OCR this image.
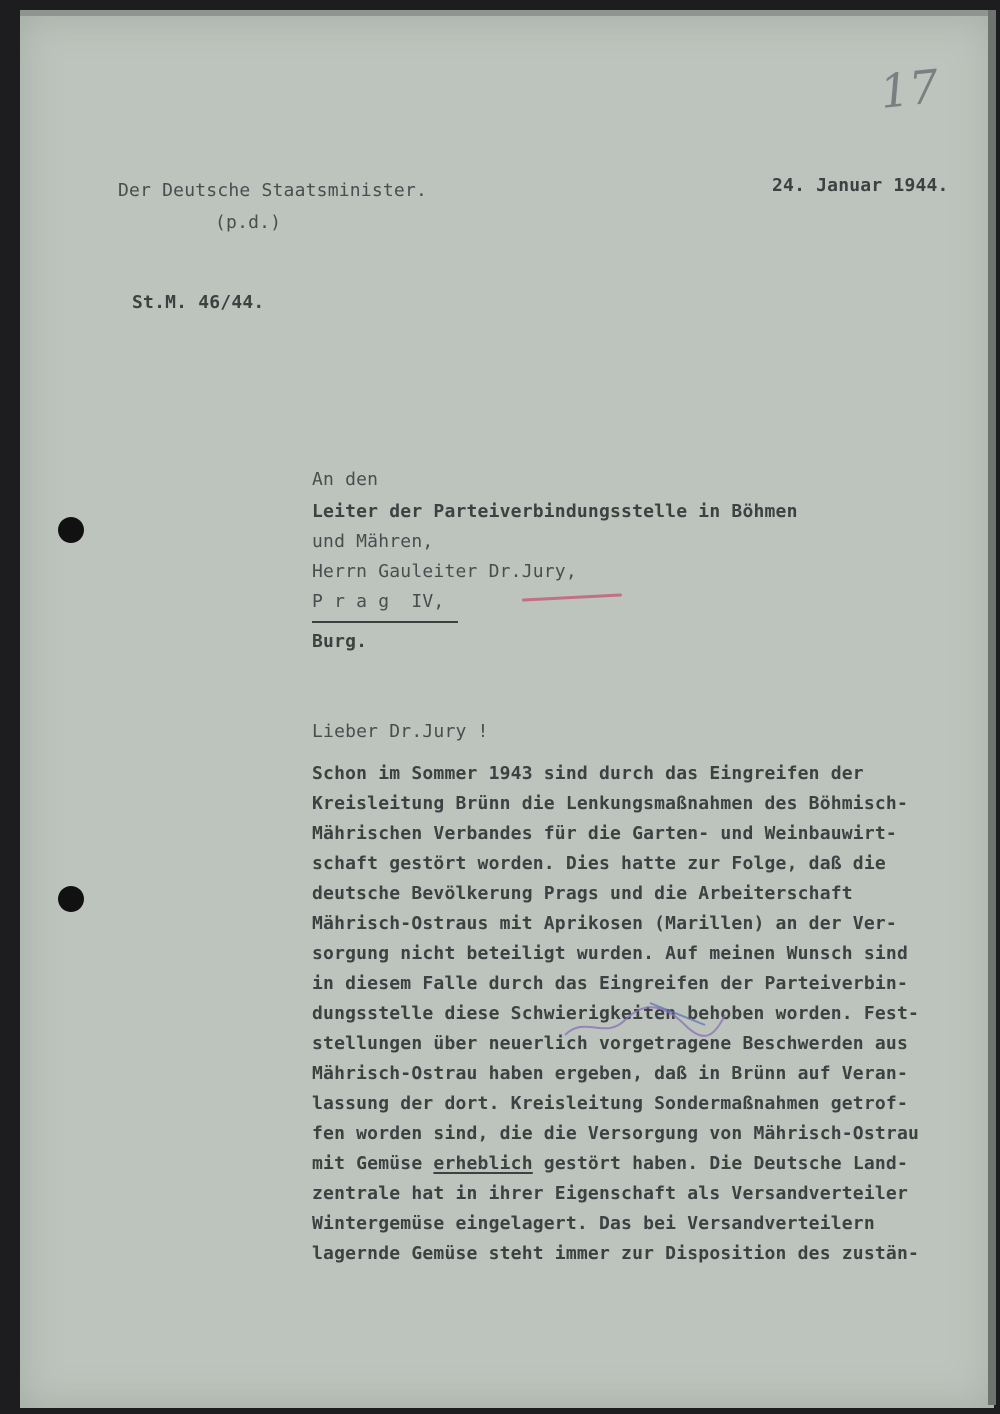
17
Der Deutsche Staatsminister.
(p.d.)
24. Januar 1944.
St.M. 46/44.
An den
Leiter der Parteiverbindungsstelle in Böhmen
und Mähren,
Herrn Gauleiter Dr.Jury,
P r a g  IV,
Burg.
Lieber Dr.Jury !
Schon im Sommer 1943 sind durch das Eingreifen der
Kreisleitung Brünn die Lenkungsmaßnahmen des Böhmisch-
Mährischen Verbandes für die Garten- und Weinbauwirt-
schaft gestört worden. Dies hatte zur Folge, daß die
deutsche Bevölkerung Prags und die Arbeiterschaft
Mährisch-Ostraus mit Aprikosen (Marillen) an der Ver-
sorgung nicht beteiligt wurden. Auf meinen Wunsch sind
in diesem Falle durch das Eingreifen der Parteiverbin-
dungsstelle diese Schwierigkeiten behoben worden. Fest-
stellungen über neuerlich vorgetragene Beschwerden aus
Mährisch-Ostrau haben ergeben, daß in Brünn auf Veran-
lassung der dort. Kreisleitung Sondermaßnahmen getrof-
fen worden sind, die die Versorgung von Mährisch-Ostrau
mit Gemüse erheblich gestört haben. Die Deutsche Land-
zentrale hat in ihrer Eigenschaft als Versandverteiler
Wintergemüse eingelagert. Das bei Versandverteilern
lagernde Gemüse steht immer zur Disposition des zustän-
